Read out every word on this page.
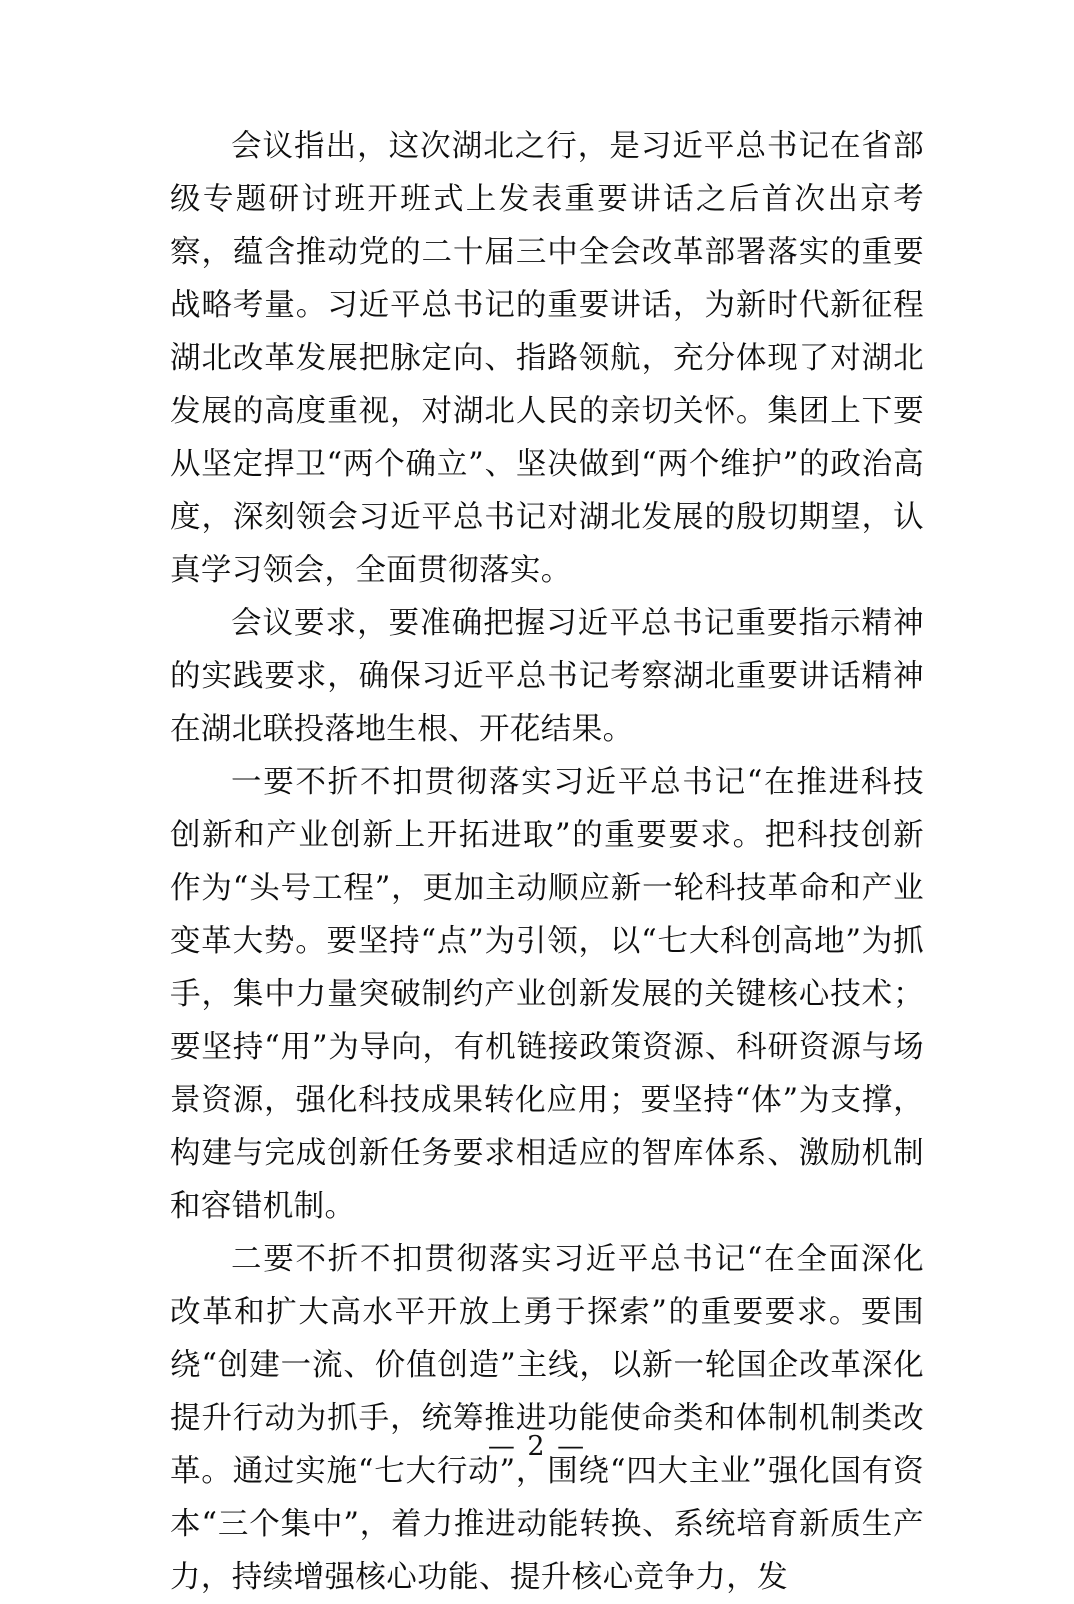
会议指出，这次湖北之行，是习近平总书记在省部级专题研讨班开班式上发表重要讲话之后首次出京考察，蕴含推动党的二十届三中全会改革部署落实的重要战略考量。习近平总书记的重要讲话，为新时代新征程湖北改革发展把脉定向、指路领航，充分体现了对湖北发展的高度重视，对湖北人民的亲切关怀。集团上下要从坚定捍卫“两个确立”、坚决做到“两个维护”的政治高度，深刻领会习近平总书记对湖北发展的殷切期望，认真学习领会，全面贯彻落实。

会议要求，要准确把握习近平总书记重要指示精神的实践要求，确保习近平总书记考察湖北重要讲话精神在湖北联投落地生根、开花结果。

一要不折不扣贯彻落实习近平总书记“在推进科技创新和产业创新上开拓进取”的重要要求。把科技创新作为“头号工程”，更加主动顺应新一轮科技革命和产业变革大势。要坚持“点”为引领，以“七大科创高地”为抓手，集中力量突破制约产业创新发展的关键核心技术；要坚持“用”为导向，有机链接政策资源、科研资源与场景资源，强化科技成果转化应用；要坚持“体”为支撑，构建与完成创新任务要求相适应的智库体系、激励机制和容错机制。

二要不折不扣贯彻落实习近平总书记“在全面深化改革和扩大高水平开放上勇于探索”的重要要求。要围绕“创建一流、价值创造”主线，以新一轮国企改革深化提升行动为抓手，统筹推进功能使命类和体制机制类改革。通过实施“七大行动”，围绕“四大主业”强化国有资本“三个集中”，着力推进动能转换、系统培育新质生产力，持续增强核心功能、提升核心竞争力，发

— 2 —
